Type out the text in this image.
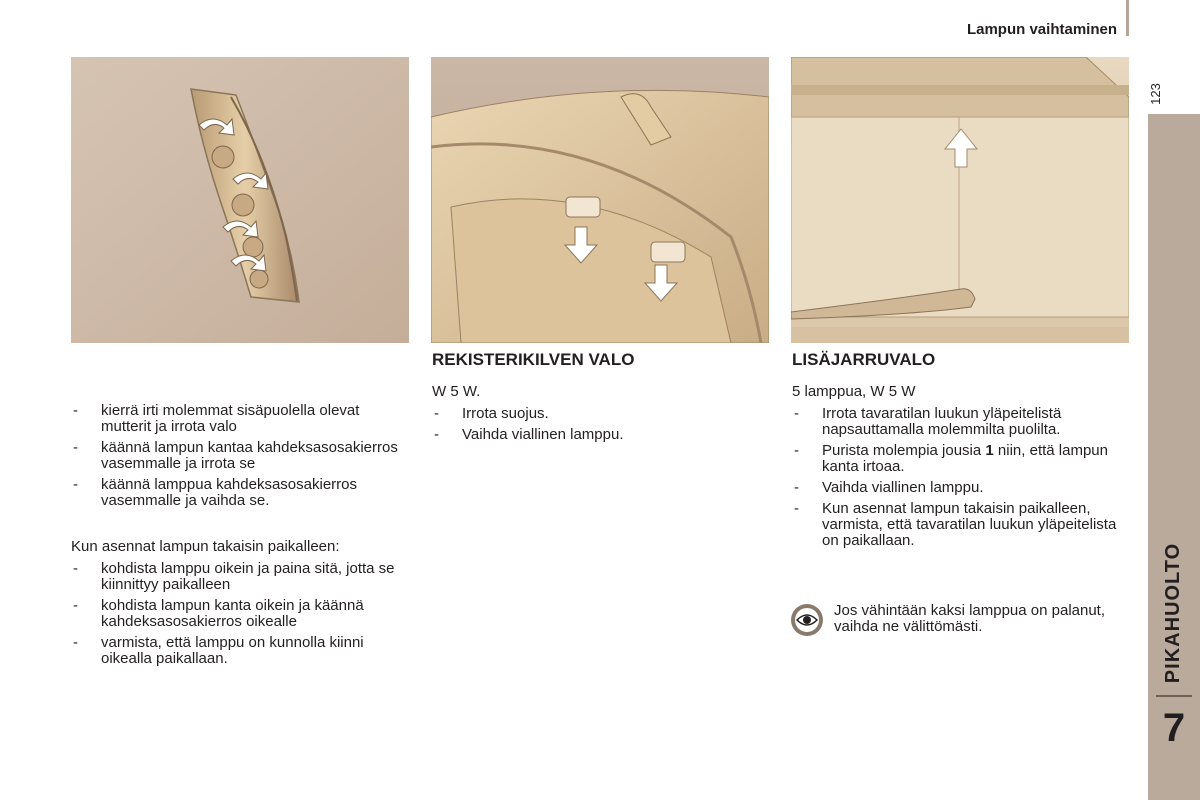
Lampun vaihtaminen
123
PIKAHUOLTO
7
- kierrä irti molemmat sisäpuolella olevat mutterit ja irrota valo
- käännä lampun kantaa kahdeksasosakierros vasemmalle ja irrota se
- käännä lamppua kahdeksasosakierros vasemmalle ja vaihda se.

Kun asennat lampun takaisin paikalleen:

- kohdista lamppu oikein ja paina sitä, jotta se kiinnittyy paikalleen
- kohdista lampun kanta oikein ja käännä kahdeksasosakierros oikealle
- varmista, että lamppu on kunnolla kiinni oikealla paikallaan.
REKISTERIKILVEN VALO

W 5 W.

- Irrota suojus.
- Vaihda viallinen lamppu.
LISÄJARRUVALO

5 lamppua, W 5 W

- Irrota tavaratilan luukun yläpeitelistä napsauttamalla molemmilta puolilta.
- Purista molempia jousia 1 niin, että lampun kanta irtoaa.
- Vaihda viallinen lamppu.
- Kun asennat lampun takaisin paikalleen, varmista, että tavaratilan luukun yläpeitelista on paikallaan.
Jos vähintään kaksi lamppua on palanut, vaihda ne välittömästi.
